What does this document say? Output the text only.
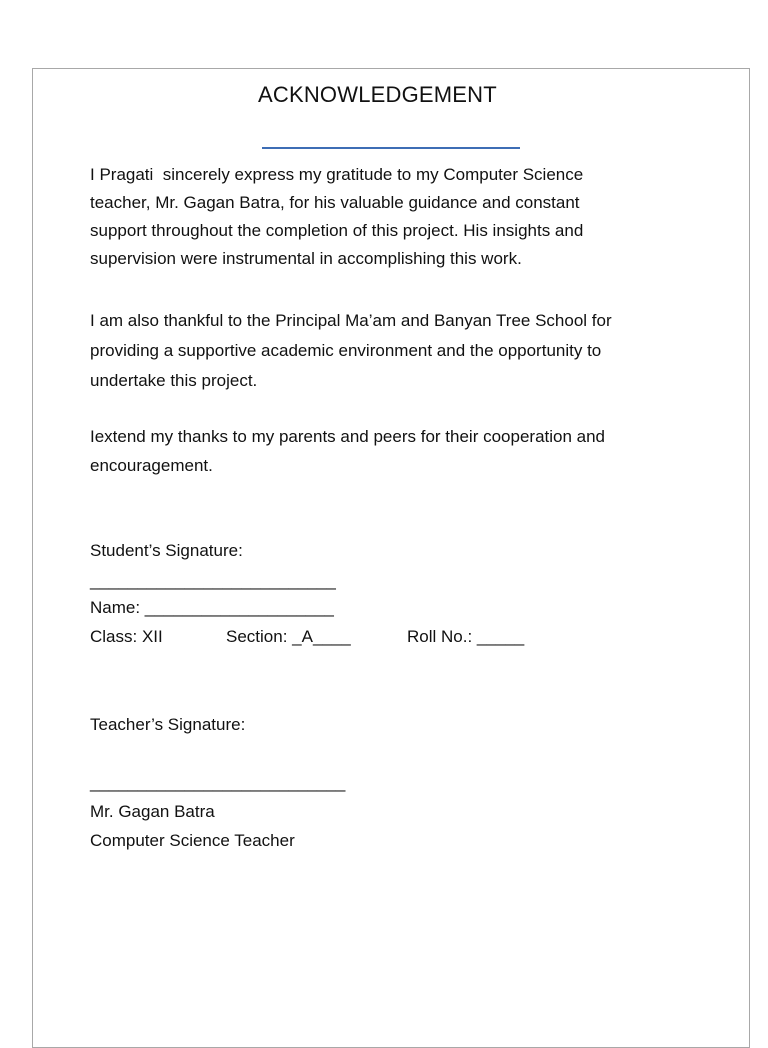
ACKNOWLEDGEMENT
I Pragati  sincerely express my gratitude to my Computer Science
teacher, Mr. Gagan Batra, for his valuable guidance and constant
support throughout the completion of this project. His insights and
supervision were instrumental in accomplishing this work.
I am also thankful to the Principal Ma’am and Banyan Tree School for
providing a supportive academic environment and the opportunity to
undertake this project.
Iextend my thanks to my parents and peers for their cooperation and
encouragement.
Student’s Signature:
__________________________
Name: ____________________
Class: XII	Section: _A____	Roll No.: _____
Teacher’s Signature:
___________________________
Mr. Gagan Batra
Computer Science Teacher
